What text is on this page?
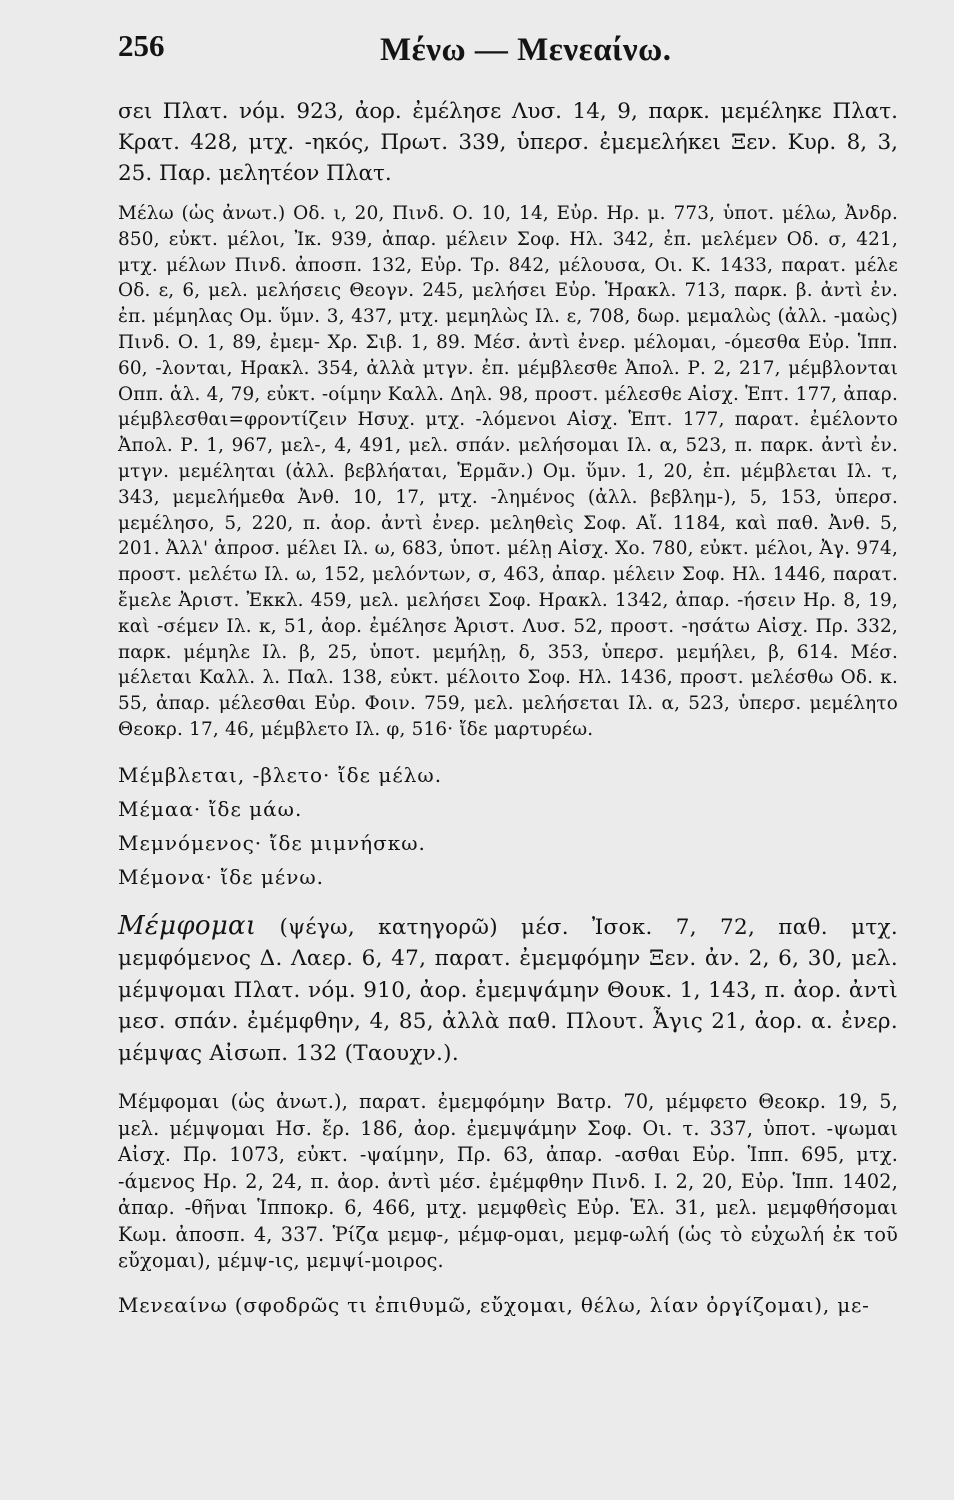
256	Μένω — Μενεαίνω.

σει Πλατ. νόμ. 923, ἀορ. ἐμέλησε Λυσ. 14, 9, παρκ. μεμέληκε Πλατ. Κρατ. 428, μτχ. -ηκός, Πρωτ. 339, ὑπερσ. ἐμεμελήκει Ξεν. Κυρ. 8, 3, 25. Παρ. μελητέον Πλατ.

Μέλω (ὡς ἀνωτ.) Οδ. ι, 20, Πινδ. Ο. 10, 14, Εὐρ. Ηρ. μ. 773, ὑποτ. μέλω, Ἀνδρ. 850, εὐκτ. μέλοι, Ἰκ. 939, ἀπαρ. μέλειν Σοφ. Ηλ. 342, ἐπ. μελέμεν Οδ. σ, 421, μτχ. μέλων Πινδ. ἀποσπ. 132, Εὐρ. Τρ. 842, μέλουσα, Οι. Κ. 1433, παρατ. μέλε Οδ. ε, 6, μελ. μελήσεις Θεογν. 245, μελήσει Εὐρ. Ἡρακλ. 713, παρκ. β. ἀντὶ ἐν. ἐπ. μέμηλας Ομ. ὕμν. 3, 437, μτχ. μεμηλὼς Ιλ. ε, 708, δωρ. μεμαλὼς (ἀλλ. -μαὼς) Πινδ. Ο. 1, 89, ἐμεμ- Χρ. Σιβ. 1, 89. Μέσ. ἀντὶ ἐνερ. μέλομαι, -όμεσθα Εὐρ. Ἱππ. 60, -λονται, Ηρακλ. 354, ἀλλὰ μτγν. ἐπ. μέμβλεσθε Ἀπολ. Ρ. 2, 217, μέμβλονται Οππ. ἁλ. 4, 79, εὐκτ. -οίμην Καλλ. Δηλ. 98, προστ. μέλεσθε Αἰσχ. Ἑπτ. 177, ἀπαρ. μέμβλεσθαι=φροντίζειν Ησυχ. μτχ. -λόμενοι Αἰσχ. Ἑπτ. 177, παρατ. ἐμέλοντο Ἀπολ. Ρ. 1, 967, μελ-, 4, 491, μελ. σπάν. μελήσομαι Ιλ. α, 523, π. παρκ. ἀντὶ ἐν. μτγν. μεμέληται (ἀλλ. βεβλήαται, Ἑρμᾶν.) Ομ. ὕμν. 1, 20, ἐπ. μέμβλεται Ιλ. τ, 343, μεμελήμεθα Ἀνθ. 10, 17, μτχ. -λημένος (ἀλλ. βεβλημ-), 5, 153, ὑπερσ. μεμέλησο, 5, 220, π. ἀορ. ἀντὶ ἐνερ. μεληθεὶς Σοφ. Αἴ. 1184, καὶ παθ. Ἀνθ. 5, 201. Ἀλλ' ἀπροσ. μέλει Ιλ. ω, 683, ὑποτ. μέλῃ Αἰσχ. Χο. 780, εὐκτ. μέλοι, Ἀγ. 974, προστ. μελέτω Ιλ. ω, 152, μελόντων, σ, 463, ἀπαρ. μέλειν Σοφ. Ηλ. 1446, παρατ. ἔμελε Ἀριστ. Ἐκκλ. 459, μελ. μελήσει Σοφ. Ηρακλ. 1342, ἀπαρ. -ήσειν Ηρ. 8, 19, καὶ -σέμεν Ιλ. κ, 51, ἀορ. ἐμέλησε Ἀριστ. Λυσ. 52, προστ. -ησάτω Αἰσχ. Πρ. 332, παρκ. μέμηλε Ιλ. β, 25, ὑποτ. μεμήλῃ, δ, 353, ὑπερσ. μεμήλει, β, 614. Μέσ. μέλεται Καλλ. λ. Παλ. 138, εὐκτ. μέλοιτο Σοφ. Ηλ. 1436, προστ. μελέσθω Οδ. κ. 55, ἀπαρ. μέλεσθαι Εὐρ. Φοιν. 759, μελ. μελήσεται Ιλ. α, 523, ὑπερσ. μεμέλητο Θεοκρ. 17, 46, μέμβλετο Ιλ. φ, 516· ἴδε μαρτυρέω.

Μέμβλεται, -βλετο· ἴδε μέλω.

Μέμαα· ἴδε μάω.

Μεμνόμενος· ἴδε μιμνήσκω.

Μέμονα· ἴδε μένω.

Μέμφομαι (ψέγω, κατηγορῶ) μέσ. Ἰσοκ. 7, 72, παθ. μτχ. μεμφόμενος Δ. Λαερ. 6, 47, παρατ. ἐμεμφόμην Ξεν. ἀν. 2, 6, 30, μελ. μέμψομαι Πλατ. νόμ. 910, ἀορ. ἐμεμψάμην Θουκ. 1, 143, π. ἀορ. ἀντὶ μεσ. σπάν. ἐμέμφθην, 4, 85, ἀλλὰ παθ. Πλουτ. Ἆγις 21, ἀορ. α. ἐνερ. μέμψας Αἰσωπ. 132 (Ταουχν.).

Μέμφομαι (ὡς ἀνωτ.), παρατ. ἐμεμφόμην Βατρ. 70, μέμφετο Θεοκρ. 19, 5, μελ. μέμψομαι Ησ. ἔρ. 186, ἀορ. ἐμεμψάμην Σοφ. Οι. τ. 337, ὑποτ. -ψωμαι Αἰσχ. Πρ. 1073, εὐκτ. -ψαίμην, Πρ. 63, ἀπαρ. -ασθαι Εὐρ. Ἱππ. 695, μτχ. -άμενος Ηρ. 2, 24, π. ἀορ. ἀντὶ μέσ. ἐμέμφθην Πινδ. Ι. 2, 20, Εὐρ. Ἱππ. 1402, ἀπαρ. -θῆναι Ἱπποκρ. 6, 466, μτχ. μεμφθεὶς Εὐρ. Ἑλ. 31, μελ. μεμφθήσομαι Κωμ. ἀποσπ. 4, 337. Ῥίζα μεμφ-, μέμφ-ομαι, μεμφ-ωλή (ὡς τὸ εὐχωλή ἐκ τοῦ εὔχομαι), μέμψ-ις, μεμψί-μοιρος.

Μενεαίνω (σφοδρῶς τι ἐπιθυμῶ, εὔχομαι, θέλω, λίαν ὀργίζομαι), με-
